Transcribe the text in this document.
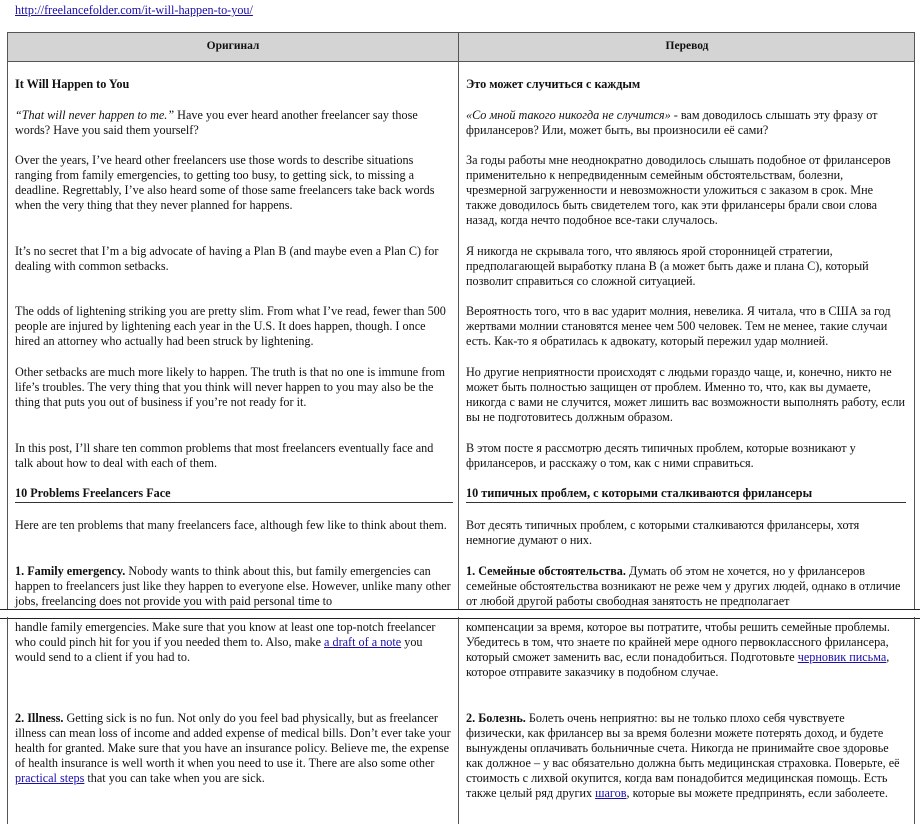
http://freelancefolder.com/it-will-happen-to-you/
Оригинал	Перевод

It Will Happen to You

“That will never happen to me.” Have you ever heard another freelancer say those words? Have you said them yourself?

Over the years, I’ve heard other freelancers use those words to describe situations ranging from family emergencies, to getting too busy, to getting sick, to missing a deadline. Regrettably, I’ve also heard some of those same freelancers take back words when the very thing that they never planned for happens.

It’s no secret that I’m a big advocate of having a Plan B (and maybe even a Plan C) for dealing with common setbacks.

The odds of lightening striking you are pretty slim. From what I’ve read, fewer than 500 people are injured by lightening each year in the U.S. It does happen, though. I once hired an attorney who actually had been struck by lightening.

Other setbacks are much more likely to happen. The truth is that no one is immune from life’s troubles. The very thing that you think will never happen to you may also be the thing that puts you out of business if you’re not ready for it.

In this post, I’ll share ten common problems that most freelancers eventually face and talk about how to deal with each of them.

10 Problems Freelancers Face

Here are ten problems that many freelancers face, although few like to think about them.

1. Family emergency. Nobody wants to think about this, but family emergencies can happen to freelancers just like they happen to everyone else. However, unlike many other jobs, freelancing does not provide you with paid personal time to

Это может случиться с каждым

«Со мной такого никогда не случится» - вам доводилось слышать эту фразу от фрилансеров? Или, может быть, вы произносили её сами?

За годы работы мне неоднократно доводилось слышать подобное от фрилансеров применительно к непредвиденным семейным обстоятельствам, болезни, чрезмерной загруженности и невозможности уложиться с заказом в срок. Мне также доводилось быть свидетелем того, как эти фрилансеры брали свои слова назад, когда нечто подобное все-таки случалось.

Я никогда не скрывала того, что являюсь ярой сторонницей стратегии, предполагающей выработку плана B (а может быть даже и плана C), который позволит справиться со сложной ситуацией.

Вероятность того, что в вас ударит молния, невелика. Я читала, что в США за год жертвами молнии становятся менее чем 500 человек. Тем не менее, такие случаи есть. Как-то я обратилась к адвокату, который пережил удар молнией.

Но другие неприятности происходят с людьми гораздо чаще, и, конечно, никто не может быть полностью защищен от проблем. Именно то, что, как вы думаете, никогда с вами не случится, может лишить вас возможности выполнять работу, если вы не подготовитесь должным образом.

В этом посте я рассмотрю десять типичных проблем, которые возникают у фрилансеров, и расскажу о том, как с ними справиться.

10 типичных проблем, с которыми сталкиваются фрилансеры

Вот десять типичных проблем, с которыми сталкиваются фрилансеры, хотя немногие думают о них.

1. Семейные обстоятельства. Думать об этом не хочется, но у фрилансеров семейные обстоятельства возникают не реже чем у других людей, однако в отличие от любой другой работы свободная занятость не предполагает

handle family emergencies. Make sure that you know at least one top-notch freelancer who could pinch hit for you if you needed them to. Also, make a draft of a note you would send to a client if you had to.

2. Illness. Getting sick is no fun. Not only do you feel bad physically, but as freelancer illness can mean loss of income and added expense of medical bills. Don’t ever take your health for granted. Make sure that you have an insurance policy. Believe me, the expense of health insurance is well worth it when you need to use it. There are also some other practical steps that you can take when you are sick.

компенсации за время, которое вы потратите, чтобы решить семейные проблемы. Убедитесь в том, что знаете по крайней мере одного первоклассного фрилансера, который сможет заменить вас, если понадобиться. Подготовьте черновик письма, которое отправите заказчику в подобном случае.

2. Болезнь. Болеть очень неприятно: вы не только плохо себя чувствуете физически, как фрилансер вы за время болезни можете потерять доход, и будете вынуждены оплачивать больничные счета. Никогда не принимайте свое здоровье как должное – у вас обязательно должна быть медицинская страховка. Поверьте, её стоимость с лихвой окупится, когда вам понадобится медицинская помощь. Есть также целый ряд других шагов, которые вы можете предпринять, если заболеете.
